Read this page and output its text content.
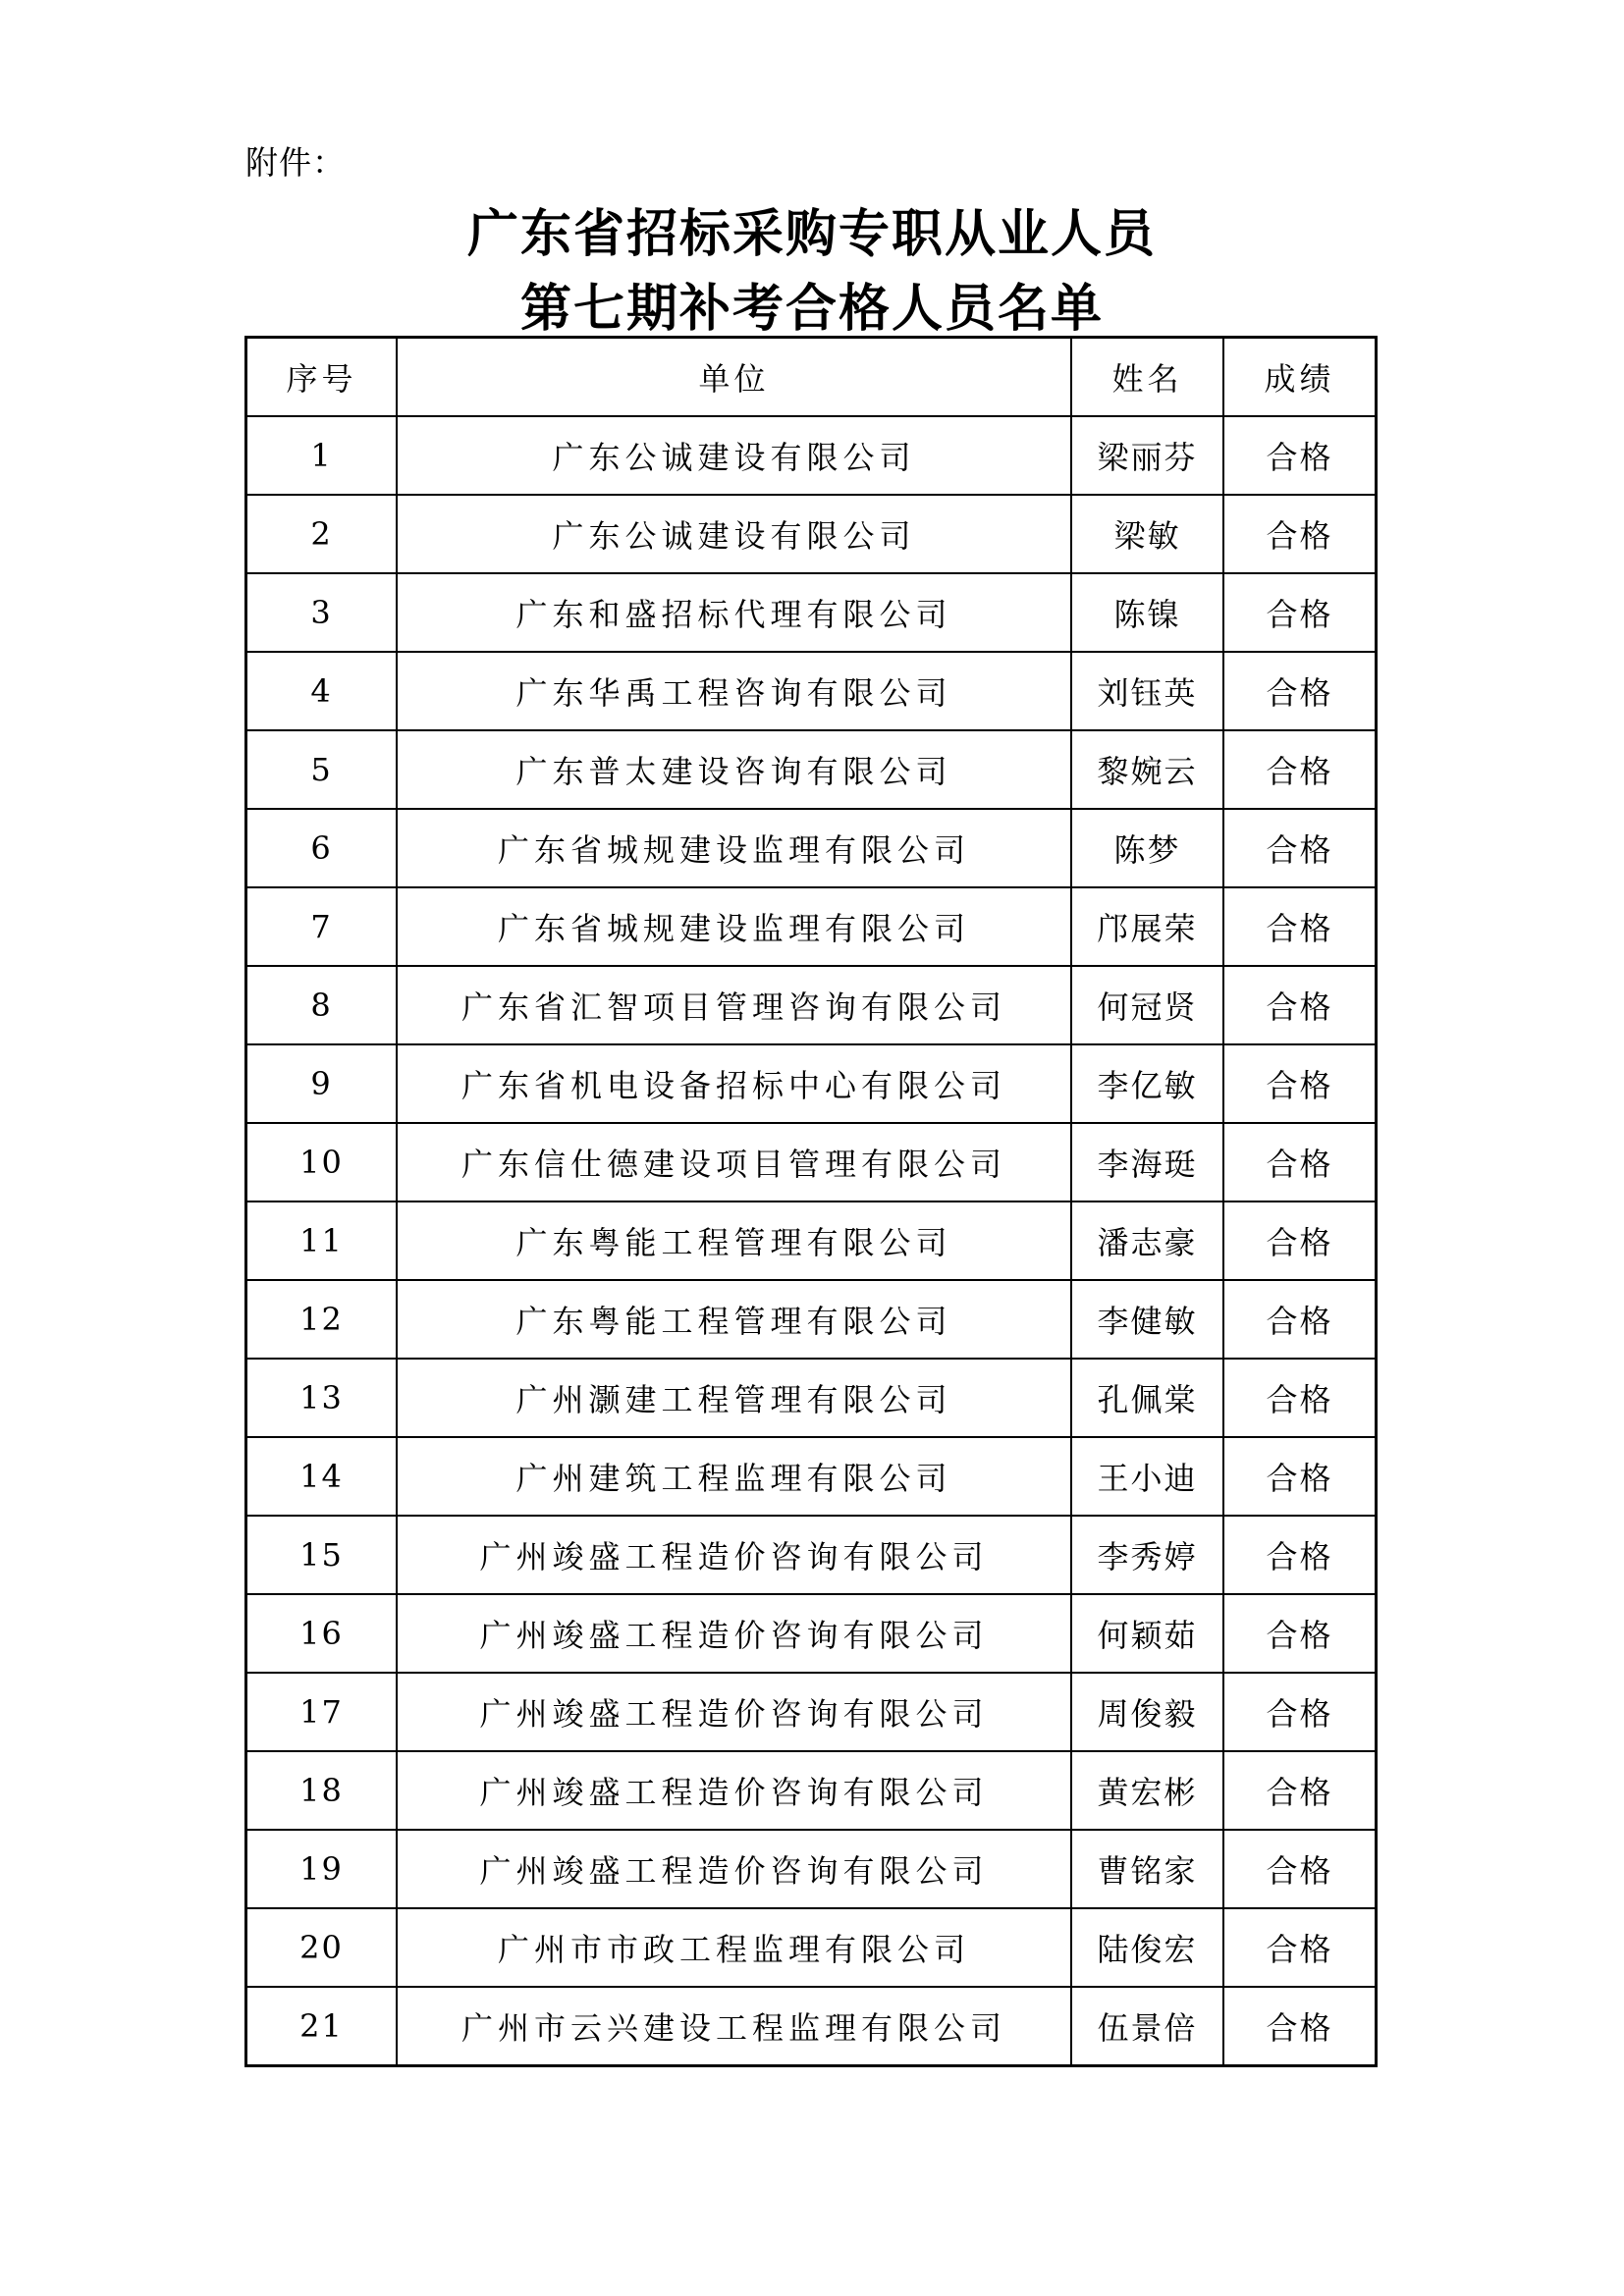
附件：
广东省招标采购专职从业人员
第七期补考合格人员名单
序号	单位	姓名	成绩
1	广东公诚建设有限公司	梁丽芬	合格
2	广东公诚建设有限公司	梁敏	合格
3	广东和盛招标代理有限公司	陈镍	合格
4	广东华禹工程咨询有限公司	刘钰英	合格
5	广东普太建设咨询有限公司	黎婉云	合格
6	广东省城规建设监理有限公司	陈梦	合格
7	广东省城规建设监理有限公司	邝展荣	合格
8	广东省汇智项目管理咨询有限公司	何冠贤	合格
9	广东省机电设备招标中心有限公司	李亿敏	合格
10	广东信仕德建设项目管理有限公司	李海珽	合格
11	广东粤能工程管理有限公司	潘志豪	合格
12	广东粤能工程管理有限公司	李健敏	合格
13	广州灏建工程管理有限公司	孔佩棠	合格
14	广州建筑工程监理有限公司	王小迪	合格
15	广州竣盛工程造价咨询有限公司	李秀婷	合格
16	广州竣盛工程造价咨询有限公司	何颖茹	合格
17	广州竣盛工程造价咨询有限公司	周俊毅	合格
18	广州竣盛工程造价咨询有限公司	黄宏彬	合格
19	广州竣盛工程造价咨询有限公司	曹铭家	合格
20	广州市市政工程监理有限公司	陆俊宏	合格
21	广州市云兴建设工程监理有限公司	伍景倍	合格
